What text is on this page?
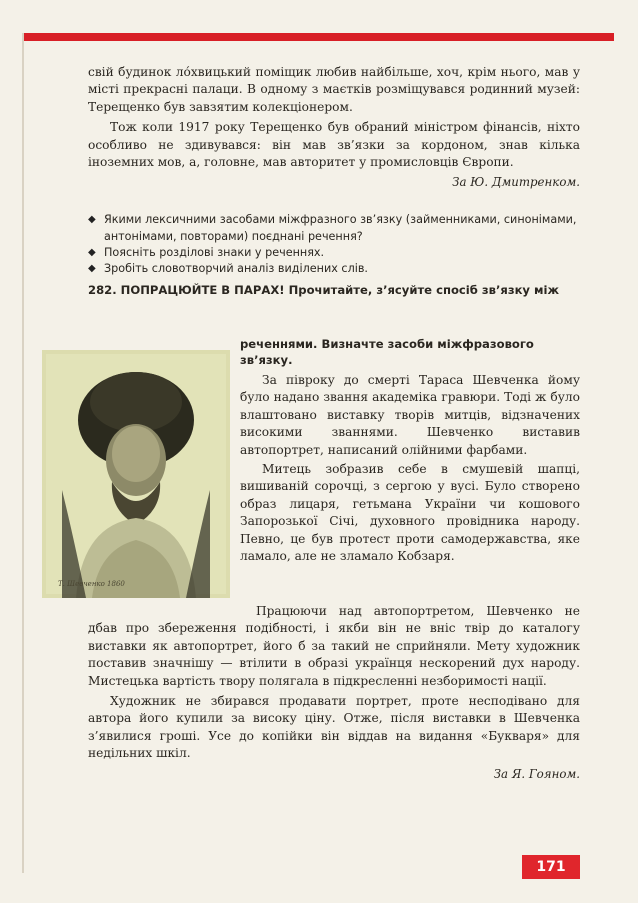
свій будинок ло́хвицький поміщик любив найбільше, хоч, крім нього, мав у місті прекрасні палаци. В одному з маєтків розміщувався родинний музей: Терещенко був завзятим колекціонером.

Тож коли 1917 року Терещенко був обраний міністром фінансів, ніхто особливо не здивувався: він мав зв’язки за кордоном, знав кілька іноземних мов, а, головне, мав авторитет у промисловців Європи.

За Ю. Дмитренком.

◆ Якими лексичними засобами міжфразного зв’язку (займенниками, синонімами, антонімами, повторами) поєднані речення?
◆ Поясніть розділові знаки у реченнях.
◆ Зробіть словотворчий аналіз виділених слів.
282. ПОПРАЦЮЙТЕ В ПАРАХ! Прочитайте, з’ясуйте спосіб зв’язку між
реченнями. Визначте засоби міжфразового зв’язку.
Т. Шевченко 1860

За півроку до смерті Тараса Шевченка йому було надано звання академіка гравюри. Тоді ж було влаштовано виставку творів митців, відзначених високими званнями. Шевченко виставив автопортрет, написаний олійними фарбами.

Митець зобразив себе в смушевій шапці, вишиваній сорочці, з сергою у вусі. Було створено образ лицаря, гетьмана України чи кошового Запорозької Січі, духовного провідника народу. Певно, це був протест проти самодержавства, яке ламало, але не зламало Кобзаря.

Працюючи над автопортретом, Шевченко не дбав про збереження подібності, і якби він не вніс твір до каталогу виставки як автопортрет, його б за такий не сприйняли. Мету художник поставив значнішу — втілити в образі українця нескорений дух народу. Мистецька вартість твору полягала в підкресленні незборимості нації.

Художник не збирався продавати портрет, проте несподівано для автора його купили за високу ціну. Отже, після виставки в Шевченка з’явилися гроші. Усе до копійки він віддав на видання «Букваря» для недільних шкіл.

За Я. Гояном.

171
